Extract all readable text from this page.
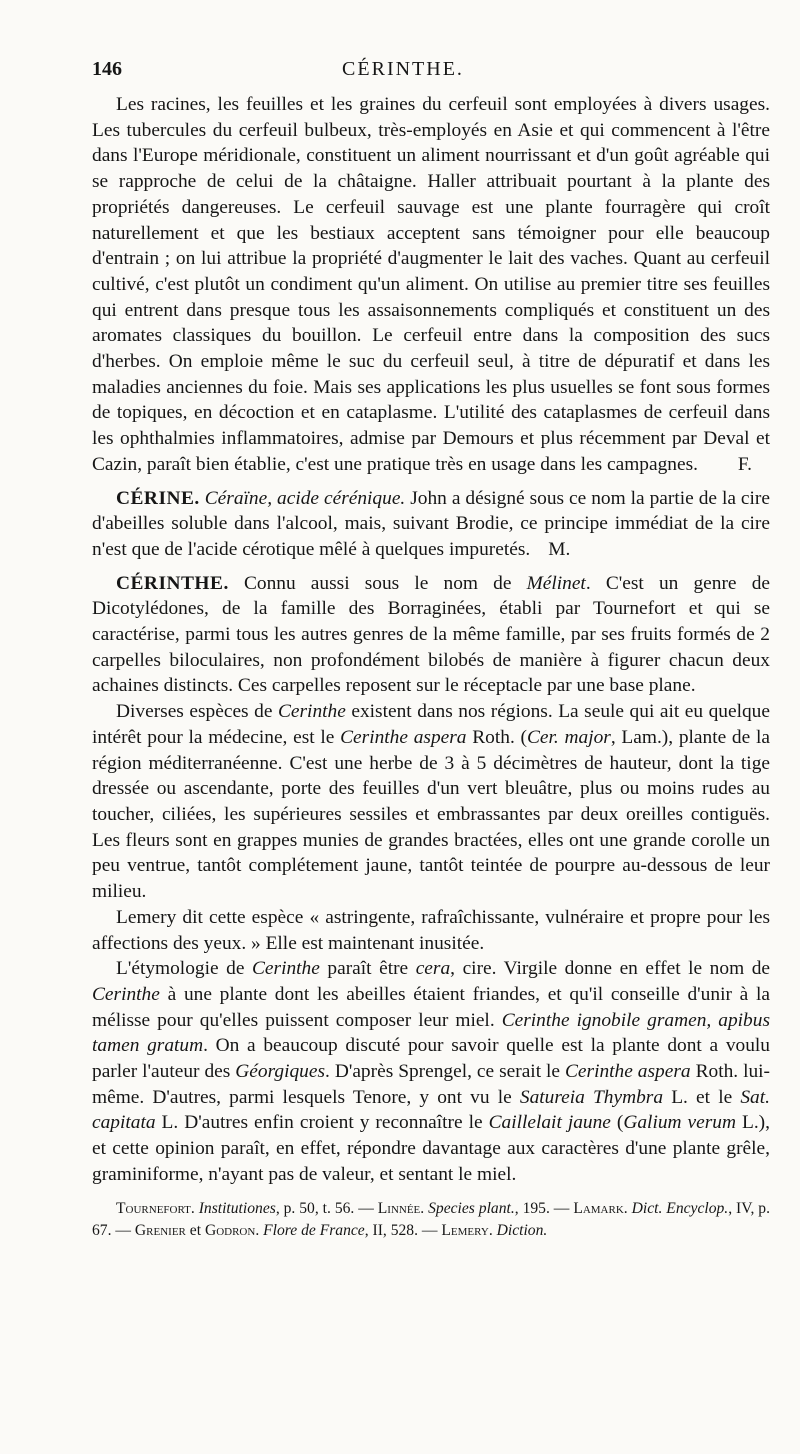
146	CÉRINTHE.

Les racines, les feuilles et les graines du cerfeuil sont employées à divers usages. Les tubercules du cerfeuil bulbeux, très-employés en Asie et qui commencent à l'être dans l'Europe méridionale, constituent un aliment nourrissant et d'un goût agréable qui se rapproche de celui de la châtaigne. Haller attribuait pourtant à la plante des propriétés dangereuses. Le cerfeuil sauvage est une plante fourragère qui croît naturellement et que les bestiaux acceptent sans témoigner pour elle beaucoup d'entrain ; on lui attribue la propriété d'augmenter le lait des vaches. Quant au cerfeuil cultivé, c'est plutôt un condiment qu'un aliment. On utilise au premier titre ses feuilles qui entrent dans presque tous les assaisonnements compliqués et constituent un des aromates classiques du bouillon. Le cerfeuil entre dans la composition des sucs d'herbes. On emploie même le suc du cerfeuil seul, à titre de dépuratif et dans les maladies anciennes du foie. Mais ses applications les plus usuelles se font sous formes de topiques, en décoction et en cataplasme. L'utilité des cataplasmes de cerfeuil dans les ophthalmies inflammatoires, admise par Demours et plus récemment par Deval et Cazin, paraît bien établie, c'est une pratique très en usage dans les campagnes.	F.

CÉRINE. Céraïne, acide cérénique. John a désigné sous ce nom la partie de la cire d'abeilles soluble dans l'alcool, mais, suivant Brodie, ce principe immédiat de la cire n'est que de l'acide cérotique mêlé à quelques impuretés. M.

CÉRINTHE. Connu aussi sous le nom de Mélinet. C'est un genre de Dicotylédones, de la famille des Borraginées, établi par Tournefort et qui se caractérise, parmi tous les autres genres de la même famille, par ses fruits formés de 2 carpelles biloculaires, non profondément bilobés de manière à figurer chacun deux achaines distincts. Ces carpelles reposent sur le réceptacle par une base plane.

Diverses espèces de Cerinthe existent dans nos régions. La seule qui ait eu quelque intérêt pour la médecine, est le Cerinthe aspera Roth. (Cer. major, Lam.), plante de la région méditerranéenne. C'est une herbe de 3 à 5 décimètres de hauteur, dont la tige dressée ou ascendante, porte des feuilles d'un vert bleuâtre, plus ou moins rudes au toucher, ciliées, les supérieures sessiles et embrassantes par deux oreilles contiguës. Les fleurs sont en grappes munies de grandes bractées, elles ont une grande corolle un peu ventrue, tantôt complétement jaune, tantôt teintée de pourpre au-dessous de leur milieu.

Lemery dit cette espèce « astringente, rafraîchissante, vulnéraire et propre pour les affections des yeux. » Elle est maintenant inusitée.

L'étymologie de Cerinthe paraît être cera, cire. Virgile donne en effet le nom de Cerinthe à une plante dont les abeilles étaient friandes, et qu'il conseille d'unir à la mélisse pour qu'elles puissent composer leur miel. Cerinthe ignobile gramen, apibus tamen gratum. On a beaucoup discuté pour savoir quelle est la plante dont a voulu parler l'auteur des Géorgiques. D'après Sprengel, ce serait le Cerinthe aspera Roth. lui-même. D'autres, parmi lesquels Tenore, y ont vu le Satureia Thymbra L. et le Sat. capitata L. D'autres enfin croient y reconnaître le Caillelait jaune (Galium verum L.), et cette opinion paraît, en effet, répondre davantage aux caractères d'une plante grêle, graminiforme, n'ayant pas de valeur, et sentant le miel.

Tournefort. Institutiones, p. 50, t. 56. — Linnée. Species plant., 195. — Lamark. Dict. Encyclop., IV, p. 67. — Grenier et Godron. Flore de France, II, 528. — Lemery. Diction.
